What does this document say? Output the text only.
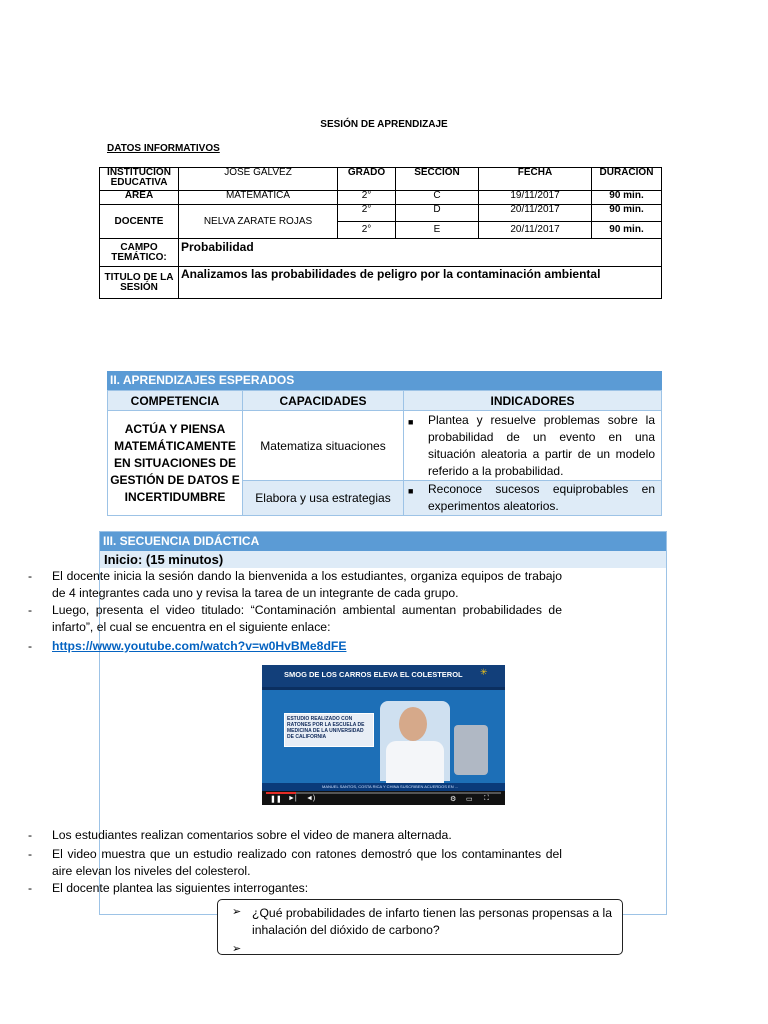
SESIÓN DE APRENDIZAJE
DATOS INFORMATIVOS
INSTITUCION EDUCATIVA	JOSE GALVEZ	GRADO	SECCION	FECHA	DURACION
AREA	MATEMATICA	2°	C	19/11/2017	90 min.
DOCENTE	NELVA ZARATE ROJAS	2°	D	20/11/2017	90 min.
		2°	E	20/11/2017	90 min.
CAMPO TEMÁTICO:	Probabilidad				
TITULO DE LA SESIÓN	Analizamos las probabilidades de peligro por la contaminación ambiental				
II. APRENDIZAJES ESPERADOS
COMPETENCIA	CAPACIDADES	INDICADORES
ACTÚA Y PIENSA MATEMÁTICAMENTE EN SITUACIONES DE GESTIÓN DE DATOS E INCERTIDUMBRE	Matematiza situaciones	■ Plantea y resuelve problemas sobre la probabilidad de un evento en una situación aleatoria a partir de un modelo referido a la probabilidad.

	Elabora y usa estrategias	■ Reconoce sucesos equiprobables en experimentos aleatorios.
III. SECUENCIA DIDÁCTICA
Inicio: (15 minutos)
-	El docente inicia la sesión dando la bienvenida a los estudiantes, organiza equipos de trabajo de 4 integrantes cada uno y revisa la tarea de un integrante de cada grupo.
-	Luego, presenta el video titulado: “Contaminación ambiental aumentan probabilidades de infarto”, el cual se encuentra en el siguiente enlace:
-	https://www.youtube.com/watch?v=w0HvBMe8dFE
SMOG DE LOS CARROS ELEVA EL COLESTEROL ✳
ESTUDIO REALIZADO CON RATONES POR LA ESCUELA DE MEDICINA DE LA UNIVERSIDAD DE CALIFORNIA
MANUEL SANTOS, COSTA RICA Y CHINA SUSCRIBEN ACUERDOS EN ...
❚❚ ►| ◄)	⚙ ▭ ⛶
-	Los estudiantes realizan comentarios sobre el video de manera alternada.
-	El video muestra que un estudio realizado con ratones demostró que los contaminantes del aire elevan los niveles del colesterol.
-	El docente plantea las siguientes interrogantes:
➢ ¿Qué probabilidades de infarto tienen las personas propensas a la inhalación del dióxido de carbono?
➢
